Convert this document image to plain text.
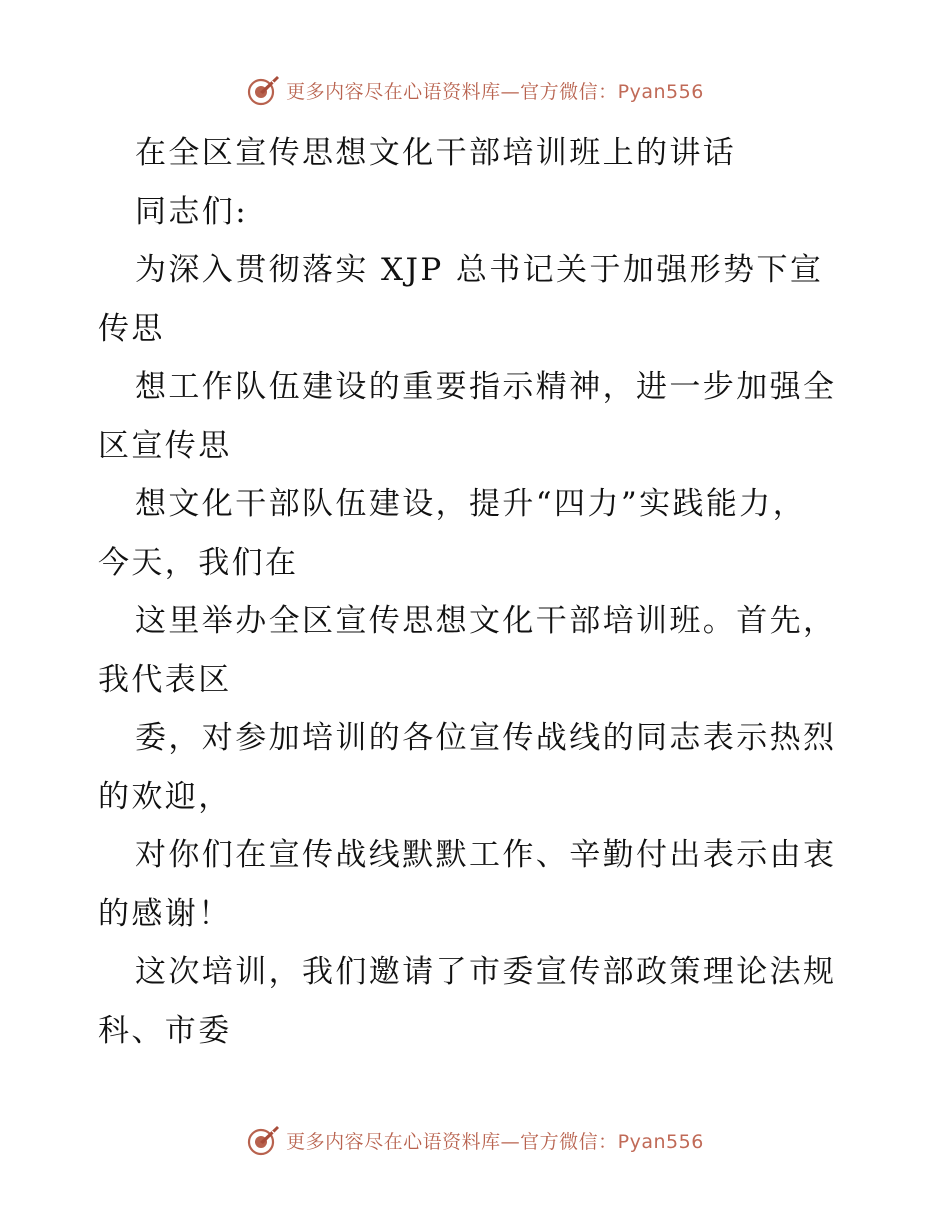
更多内容尽在心语资料库—官方微信：Pyan556
在全区宣传思想文化干部培训班上的讲话
同志们:
为深入贯彻落实 XJP 总书记关于加强形势下宣
传思
想工作队伍建设的重要指示精神，进一步加强全
区宣传思
想文化干部队伍建设，提升“四力”实践能力，
今天，我们在
这里举办全区宣传思想文化干部培训班。首先，
我代表区
委，对参加培训的各位宣传战线的同志表示热烈
的欢迎，
对你们在宣传战线默默工作、辛勤付出表示由衷
的感谢！
这次培训，我们邀请了市委宣传部政策理论法规
科、市委
更多内容尽在心语资料库—官方微信：Pyan556
